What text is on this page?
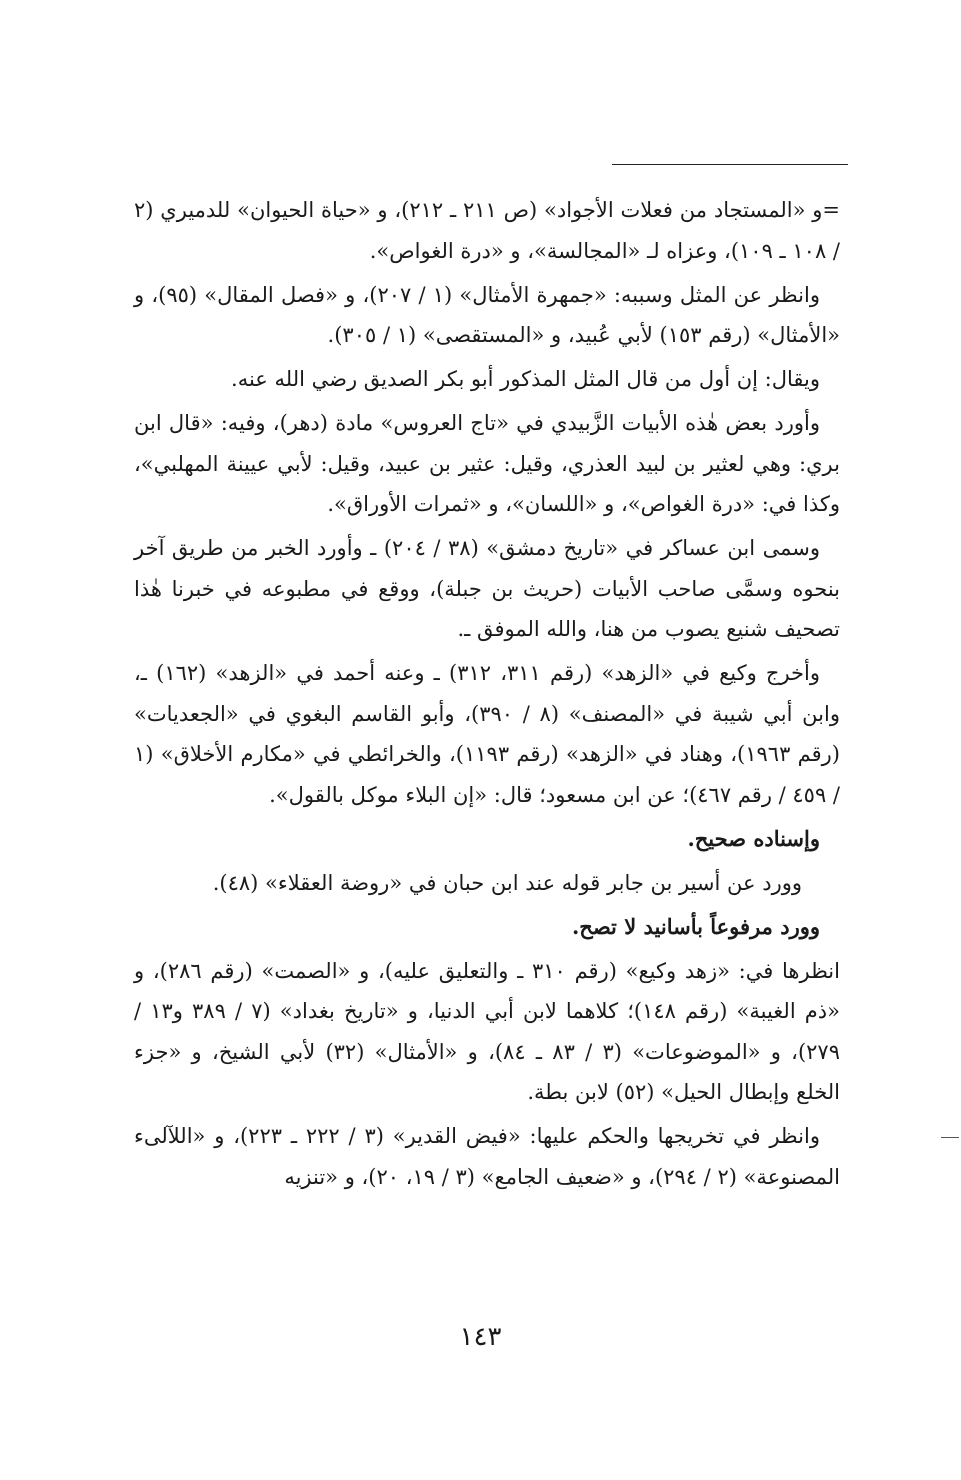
=و «المستجاد من فعلات الأجواد» (ص ٢١١ ـ ٢١٢)، و «حياة الحيوان» للدميري (٢ / ١٠٨ ـ ١٠٩)، وعزاه لـ «المجالسة»، و «درة الغواص».

وانظر عن المثل وسببه: «جمهرة الأمثال» (١ / ٢٠٧)، و «فصل المقال» (٩٥)، و «الأمثال» (رقم ١٥٣) لأبي عُبيد، و «المستقصى» (١ / ٣٠٥).

ويقال: إن أول من قال المثل المذكور أبو بكر الصديق رضي الله عنه.

وأورد بعض هٰذه الأبيات الزَّبيدي في «تاج العروس» مادة (دهر)، وفيه: «قال ابن بري: وهي لعثير بن لبيد العذري، وقيل: عثير بن عبيد، وقيل: لأبي عيينة المهلبي»، وكذا في: «درة الغواص»، و «اللسان»، و «ثمرات الأوراق».

وسمى ابن عساكر في «تاريخ دمشق» (٣٨ / ٢٠٤) ـ وأورد الخبر من طريق آخر بنحوه وسمَّى صاحب الأبيات (حريث بن جبلة)، ووقع في مطبوعه في خبرنا هٰذا تصحيف شنيع يصوب من هنا، والله الموفق ـ.

وأخرج وكيع في «الزهد» (رقم ٣١١، ٣١٢) ـ وعنه أحمد في «الزهد» (١٦٢) ـ، وابن أبي شيبة في «المصنف» (٨ / ٣٩٠)، وأبو القاسم البغوي في «الجعديات» (رقم ١٩٦٣)، وهناد في «الزهد» (رقم ١١٩٣)، والخرائطي في «مكارم الأخلاق» (١ / ٤٥٩ / رقم ٤٦٧)؛ عن ابن مسعود؛ قال: «إن البلاء موكل بالقول».

وإسناده صحيح.

وورد عن أسير بن جابر قوله عند ابن حبان في «روضة العقلاء» (٤٨).

وورد مرفوعاً بأسانيد لا تصح.

انظرها في: «زهد وكيع» (رقم ٣١٠ ـ والتعليق عليه)، و «الصمت» (رقم ٢٨٦)، و «ذم الغيبة» (رقم ١٤٨)؛ كلاهما لابن أبي الدنيا، و «تاريخ بغداد» (٧ / ٣٨٩ و١٣ / ٢٧٩)، و «الموضوعات» (٣ / ٨٣ ـ ٨٤)، و «الأمثال» (٣٢) لأبي الشيخ، و «جزء الخلع وإبطال الحيل» (٥٢) لابن بطة.

وانظر في تخريجها والحكم عليها: «فيض القدير» (٣ / ٢٢٢ ـ ٢٢٣)، و «اللآلىء المصنوعة» (٢ / ٢٩٤)، و «ضعيف الجامع» (٣ / ١٩، ٢٠)، و «تنزيه

١٤٣
